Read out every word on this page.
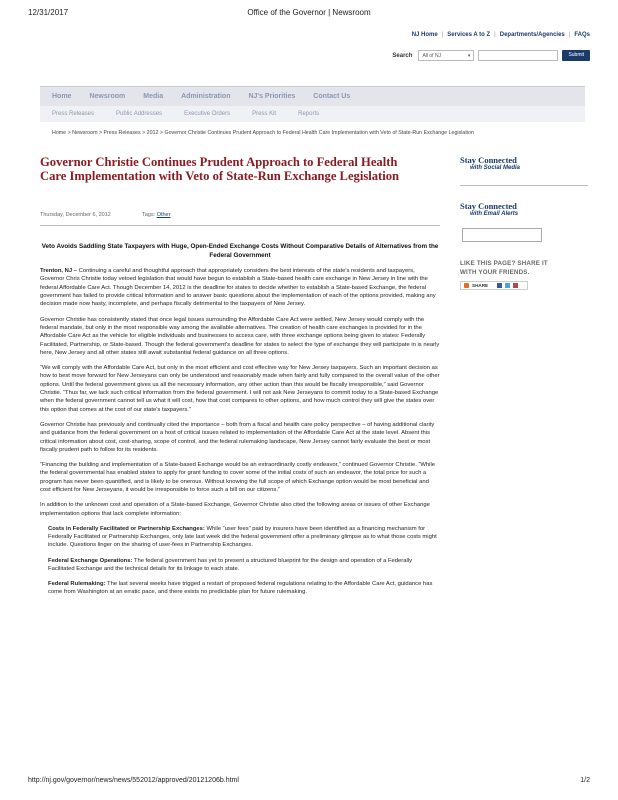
12/31/2017	Office of the Governor | Newsroom
NJ Home | Services A to Z | Departments/Agencies | FAQs
Search All of NJ	▾	Submit
Home	Newsroom	Media	Administration	NJ's Priorities	Contact Us
Press Releases	Public Addresses	Executive Orders	Press Kit	Reports
Home > Newsroom > Press Releases > 2012 > Governor Christie Continues Prudent Approach to Federal Health Care Implementation with Veto of State-Run Exchange Legislation
Governor Christie Continues Prudent Approach to Federal Health Care Implementation with Veto of State-Run Exchange Legislation
Thursday, December 6, 2012	Tags: Other
Veto Avoids Saddling State Taxpayers with Huge, Open-Ended Exchange Costs Without Comparative Details of Alternatives from the Federal Government

Trenton, NJ – Continuing a careful and thoughtful approach that appropriately considers the best interests of the state's residents and taxpayers, Governor Chris Christie today vetoed legislation that would have begun to establish a State-based health care exchange in New Jersey in line with the federal Affordable Care Act. Though December 14, 2012 is the deadline for states to decide whether to establish a State-based Exchange, the federal government has failed to provide critical information and to answer basic questions about the implementation of each of the options provided, making any decision made now hasty, incomplete, and perhaps fiscally detrimental to the taxpayers of New Jersey.

Governor Christie has consistently stated that once legal issues surrounding the Affordable Care Act were settled, New Jersey would comply with the federal mandate, but only in the most responsible way among the available alternatives. The creation of health care exchanges is provided for in the Affordable Care Act as the vehicle for eligible individuals and businesses to access care, with three exchange options being given to states: Federally Facilitated, Partnership, or State-based. Though the federal government's deadline for states to select the type of exchange they will participate in is nearly here, New Jersey and all other states still await substantial federal guidance on all three options.

“We will comply with the Affordable Care Act, but only in the most efficient and cost effective way for New Jersey taxpayers. Such an important decision as how to best move forward for New Jerseyans can only be understood and reasonably made when fairly and fully compared to the overall value of the other options. Until the federal government gives us all the necessary information, any other action than this would be fiscally irresponsible,” said Governor Christie. “Thus far, we lack such critical information from the federal government. I will not ask New Jerseyans to commit today to a State-based Exchange when the federal government cannot tell us what it will cost, how that cost compares to other options, and how much control they will give the states over this option that comes at the cost of our state's taxpayers.”

Governor Christie has previously and continually cited the importance – both from a fiscal and health care policy perspective – of having additional clarity and guidance from the federal government on a host of critical issues related to implementation of the Affordable Care Act at the state level. Absent this critical information about cost, cost-sharing, scope of control, and the federal rulemaking landscape, New Jersey cannot fairly evaluate the best or most fiscally prudent path to follow for its residents.

“Financing the building and implementation of a State-based Exchange would be an extraordinarily costly endeavor,” continued Governor Christie. “While the federal governmental has enabled states to apply for grant funding to cover some of the initial costs of such an endeavor, the total price for such a program has never been quantified, and is likely to be onerous. Without knowing the full scope of which Exchange option would be most beneficial and cost efficient for New Jerseyans, it would be irresponsible to force such a bill on our citizens.”

In addition to the unknown cost and operation of a State-based Exchange, Governor Christie also cited the following areas or issues of other Exchange implementation options that lack complete information:

Costs in Federally Facilitated or Partnership Exchanges: While “user fees” paid by insurers have been identified as a financing mechanism for Federally Facilitated or Partnership Exchanges, only late last week did the federal government offer a preliminary glimpse as to what those costs might include. Questions linger on the sharing of user-fees in Partnership Exchanges.

Federal Exchange Operations: The federal government has yet to present a structured blueprint for the design and operation of a Federally Facilitated Exchange and the technical details for its linkage to each state.

Federal Rulemaking: The last several weeks have trigged a restart of proposed federal regulations relating to the Affordable Care Act, guidance has come from Washington at an erratic pace, and there exists no predictable plan for future rulemaking.

Stay Connected
with Social Media
Stay Connected
with Email Alerts
LIKE THIS PAGE? SHARE IT
WITH YOUR FRIENDS.
SHARE
http://nj.gov/governor/news/news/552012/approved/20121206b.html	1/2
